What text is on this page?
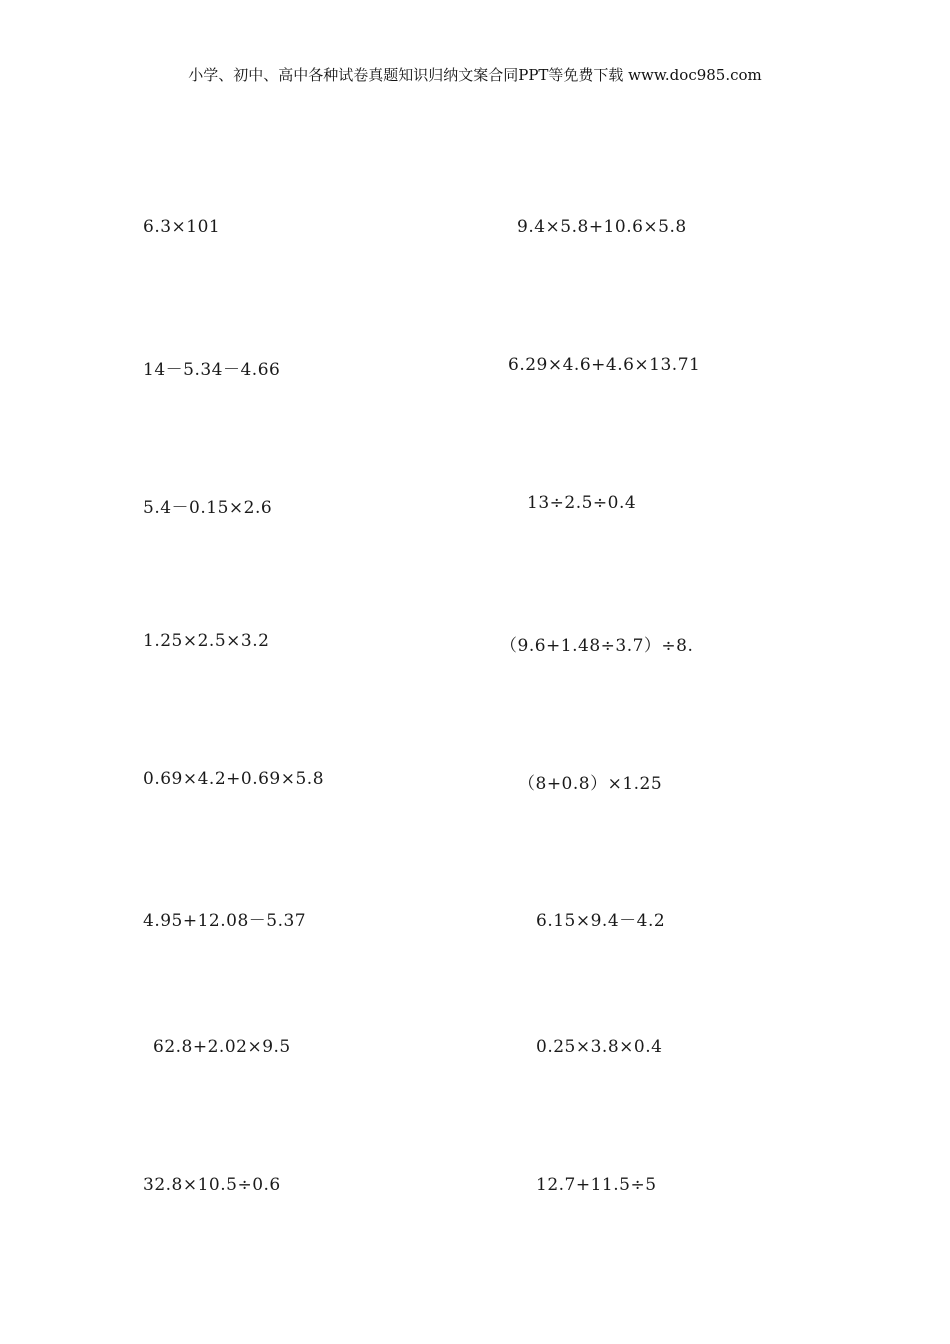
小学、初中、高中各种试卷真题知识归纳文案合同PPT等免费下载 www.doc985.com
6.3×101	9.4×5.8+10.6×5.8
14－5.34－4.66	6.29×4.6+4.6×13.71
5.4－0.15×2.6	13÷2.5÷0.4
1.25×2.5×3.2	（9.6+1.48÷3.7）÷8.
0.69×4.2+0.69×5.8	（8+0.8）×1.25
4.95+12.08－5.37	6.15×9.4－4.2
62.8+2.02×9.5	0.25×3.8×0.4
32.8×10.5÷0.6	12.7+11.5÷5
